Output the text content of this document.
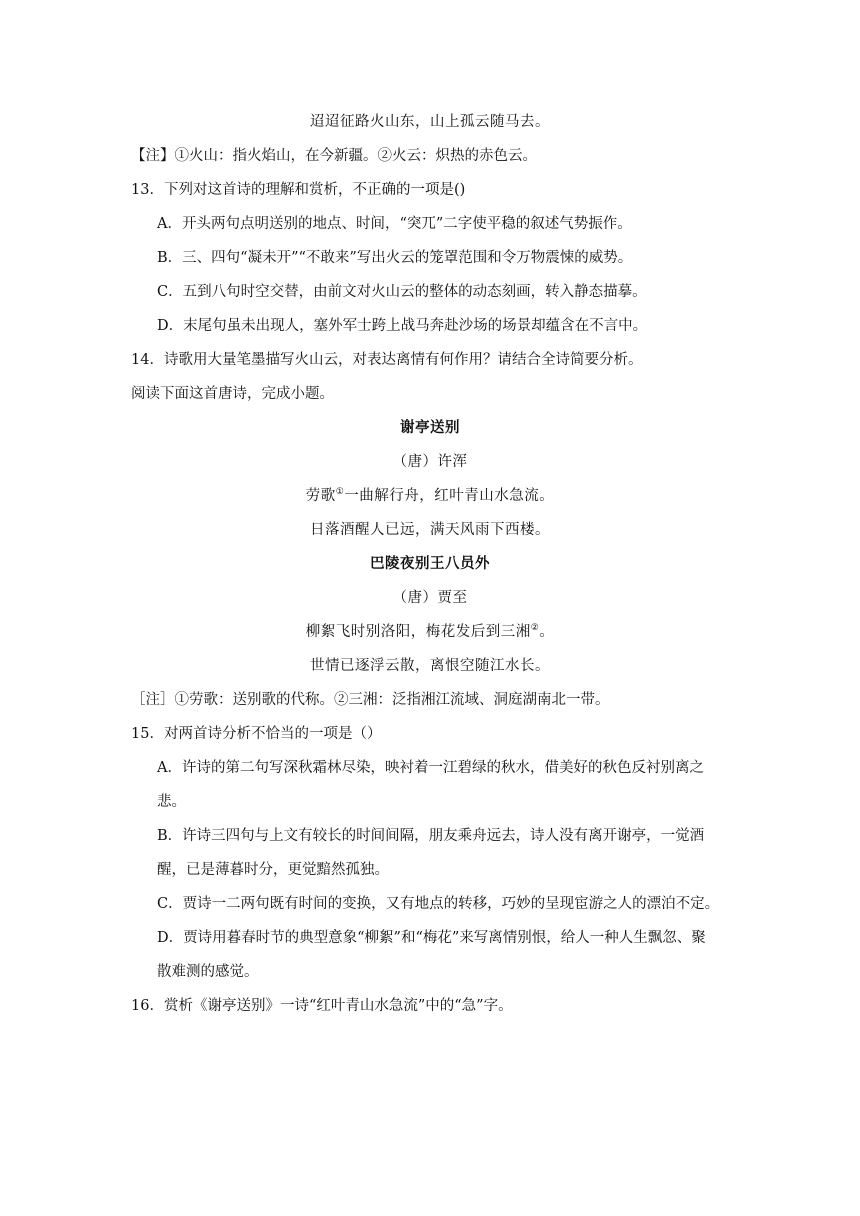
迢迢征路火山东，山上孤云随马去。
【注】①火山：指火焰山，在今新疆。②火云：炽热的赤色云。
13．下列对这首诗的理解和赏析，不正确的一项是()
A．开头两句点明送别的地点、时间，“突兀”二字使平稳的叙述气势振作。
B．三、四句“凝未开”“不敢来”写出火云的笼罩范围和令万物震悚的威势。
C．五到八句时空交替，由前文对火山云的整体的动态刻画，转入静态描摹。
D．末尾句虽未出现人，塞外军士跨上战马奔赴沙场的场景却蕴含在不言中。
14．诗歌用大量笔墨描写火山云，对表达离情有何作用？请结合全诗简要分析。
阅读下面这首唐诗，完成小题。
谢亭送别
（唐）许浑
劳歌①一曲解行舟，红叶青山水急流。
日落酒醒人已远，满天风雨下西楼。
巴陵夜别王八员外
（唐）贾至
柳絮飞时别洛阳，梅花发后到三湘②。
世情已逐浮云散，离恨空随江水长。
［注］①劳歌：送别歌的代称。②三湘：泛指湘江流域、洞庭湖南北一带。
15．对两首诗分析不恰当的一项是（）
A．许诗的第二句写深秋霜林尽染，映衬着一江碧绿的秋水，借美好的秋色反衬别离之
悲。
B．许诗三四句与上文有较长的时间间隔，朋友乘舟远去，诗人没有离开谢亭，一觉酒
醒，已是薄暮时分，更觉黯然孤独。
C．贾诗一二两句既有时间的变换，又有地点的转移，巧妙的呈现宦游之人的漂泊不定。
D．贾诗用暮春时节的典型意象“柳絮”和“梅花”来写离情别恨，给人一种人生飘忽、聚
散难测的感觉。
16．赏析《谢亭送别》一诗“红叶青山水急流”中的“急”字。
